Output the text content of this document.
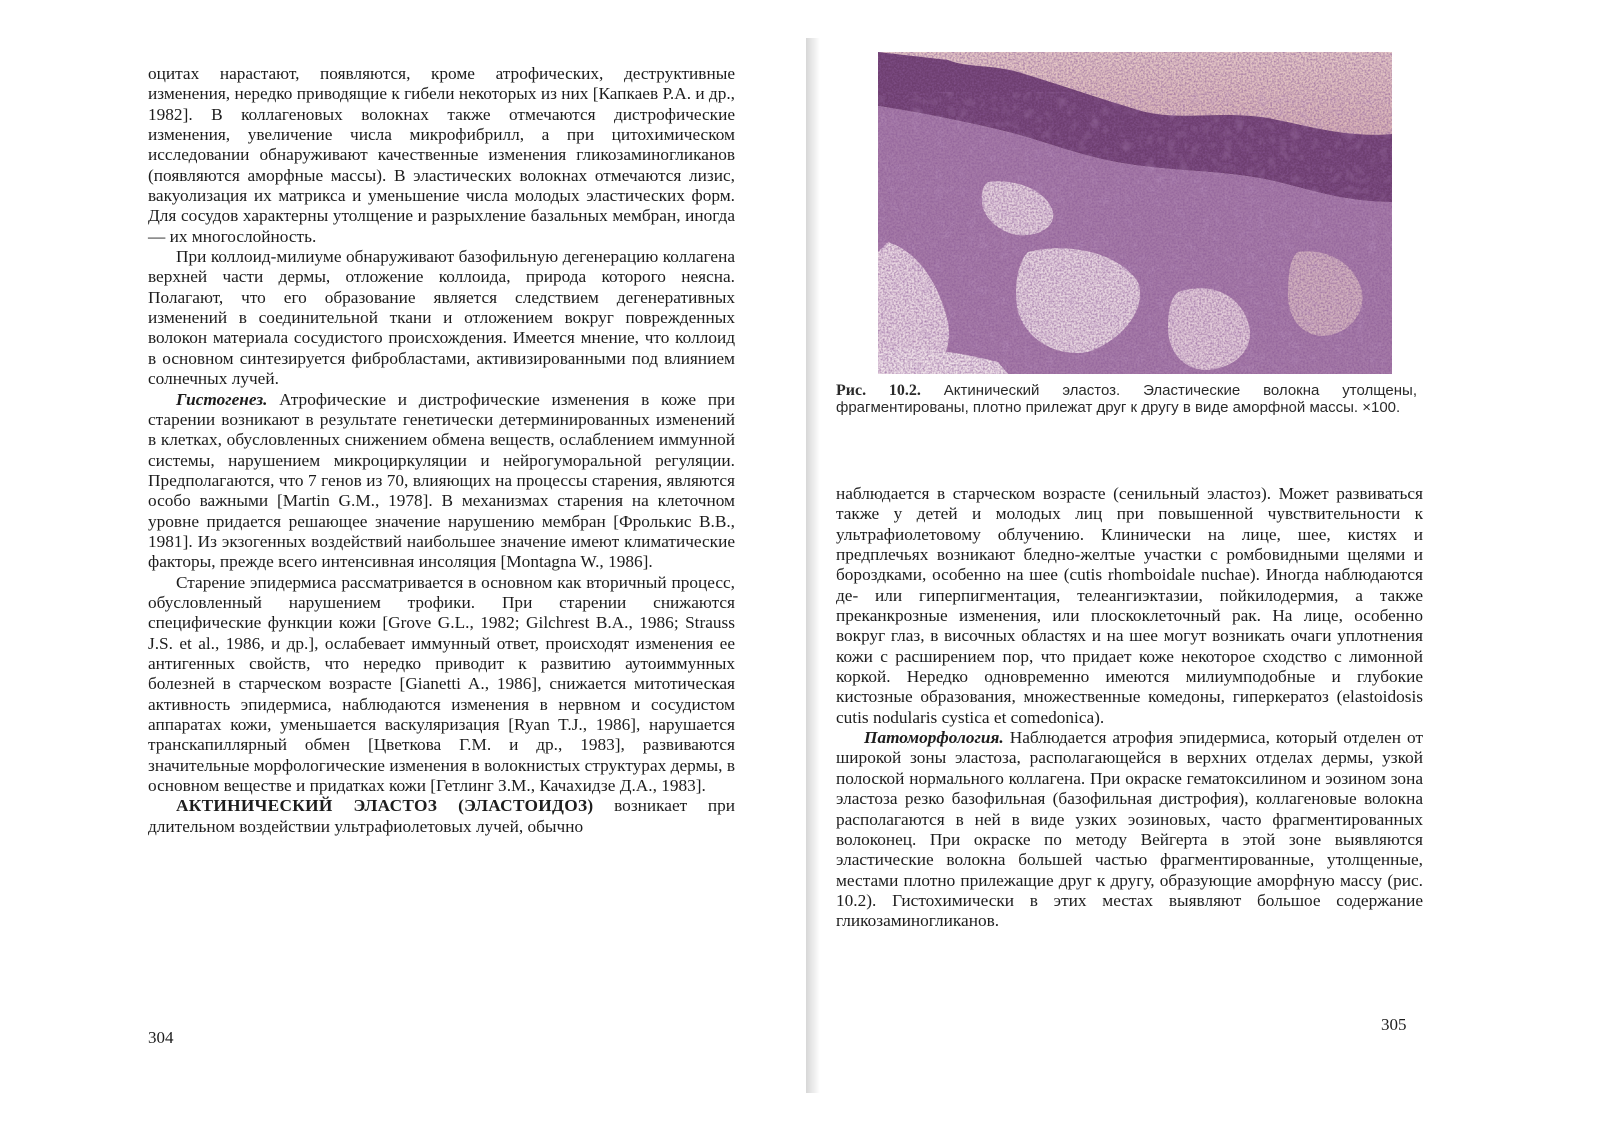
оцитах нарастают, появляются, кроме атрофических, деструктивные изменения, нередко приводящие к гибели некоторых из них [Капкаев Р.А. и др., 1982]. В коллагеновых волокнах также отмечаются дистрофические изменения, увеличение числа микрофибрилл, а при цитохимическом исследовании обнаруживают качественные изменения гликозаминогликанов (появляются аморфные массы). В эластических волокнах отмечаются лизис, вакуолизация их матрикса и уменьшение числа молодых эластических форм. Для сосудов характерны утолщение и разрыхление базальных мембран, иногда — их многослойность.

При коллоид-милиуме обнаруживают базофильную дегенерацию коллагена верхней части дермы, отложение коллоида, природа которого неясна. Полагают, что его образование является следствием дегенеративных изменений в соединительной ткани и отложением вокруг поврежденных волокон материала сосудистого происхождения. Имеется мнение, что коллоид в основном синтезируется фибробластами, активизированными под влиянием солнечных лучей.

Гистогенез. Атрофические и дистрофические изменения в коже при старении возникают в результате генетически детерминированных изменений в клетках, обусловленных снижением обмена веществ, ослаблением иммунной системы, нарушением микроциркуляции и нейрогуморальной регуляции. Предполагаются, что 7 генов из 70, влияющих на процессы старения, являются особо важными [Martin G.M., 1978]. В механизмах старения на клеточном уровне придается решающее значение нарушению мембран [Фролькис В.В., 1981]. Из экзогенных воздействий наибольшее значение имеют климатические факторы, прежде всего интенсивная инсоляция [Montagna W., 1986].

Старение эпидермиса рассматривается в основном как вторичный процесс, обусловленный нарушением трофики. При старении снижаются специфические функции кожи [Grove G.L., 1982; Gilchrest B.A., 1986; Strauss J.S. et al., 1986, и др.], ослабевает иммунный ответ, происходят изменения ее антигенных свойств, что нередко приводит к развитию аутоиммунных болезней в старческом возрасте [Gianetti A., 1986], снижается митотическая активность эпидермиса, наблюдаются изменения в нервном и сосудистом аппаратах кожи, уменьшается васкуляризация [Ryan T.J., 1986], нарушается транскапиллярный обмен [Цветкова Г.М. и др., 1983], развиваются значительные морфологические изменения в волокнистых структурах дермы, в основном веществе и придатках кожи [Гетлинг З.М., Качахидзе Д.А., 1983].

АКТИНИЧЕСКИЙ ЭЛАСТОЗ (ЭЛАСТОИДОЗ) возникает при длительном воздействии ультрафиолетовых лучей, обычно

304
Рис. 10.2. Актинический эластоз. Эластические волокна утолщены, фрагментированы, плотно прилежат друг к другу в виде аморфной массы. ×100.

наблюдается в старческом возрасте (сенильный эластоз). Может развиваться также у детей и молодых лиц при повышенной чувствительности к ультрафиолетовому облучению. Клинически на лице, шее, кистях и предплечьях возникают бледно-желтые участки с ромбовидными щелями и бороздками, особенно на шее (cutis rhomboidale nuchae). Иногда наблюдаются де- или гиперпигментация, телеангиэктазии, пойкилодермия, а также преканкрозные изменения, или плоскоклеточный рак. На лице, особенно вокруг глаз, в височных областях и на шее могут возникать очаги уплотнения кожи с расширением пор, что придает коже некоторое сходство с лимонной коркой. Нередко одновременно имеются милиумподобные и глубокие кистозные образования, множественные комедоны, гиперкератоз (elastoidosis cutis nodularis cystica et comedonica).

Патоморфология. Наблюдается атрофия эпидермиса, который отделен от широкой зоны эластоза, располагающейся в верхних отделах дермы, узкой полоской нормального коллагена. При окраске гематоксилином и эозином зона эластоза резко базофильная (базофильная дистрофия), коллагеновые волокна располагаются в ней в виде узких эозиновых, часто фрагментированных волоконец. При окраске по методу Вейгерта в этой зоне выявляются эластические волокна большей частью фрагментированные, утолщенные, местами плотно прилежащие друг к другу, образующие аморфную массу (рис. 10.2). Гистохимически в этих местах выявляют большое содержание гликозаминогликанов.

305
